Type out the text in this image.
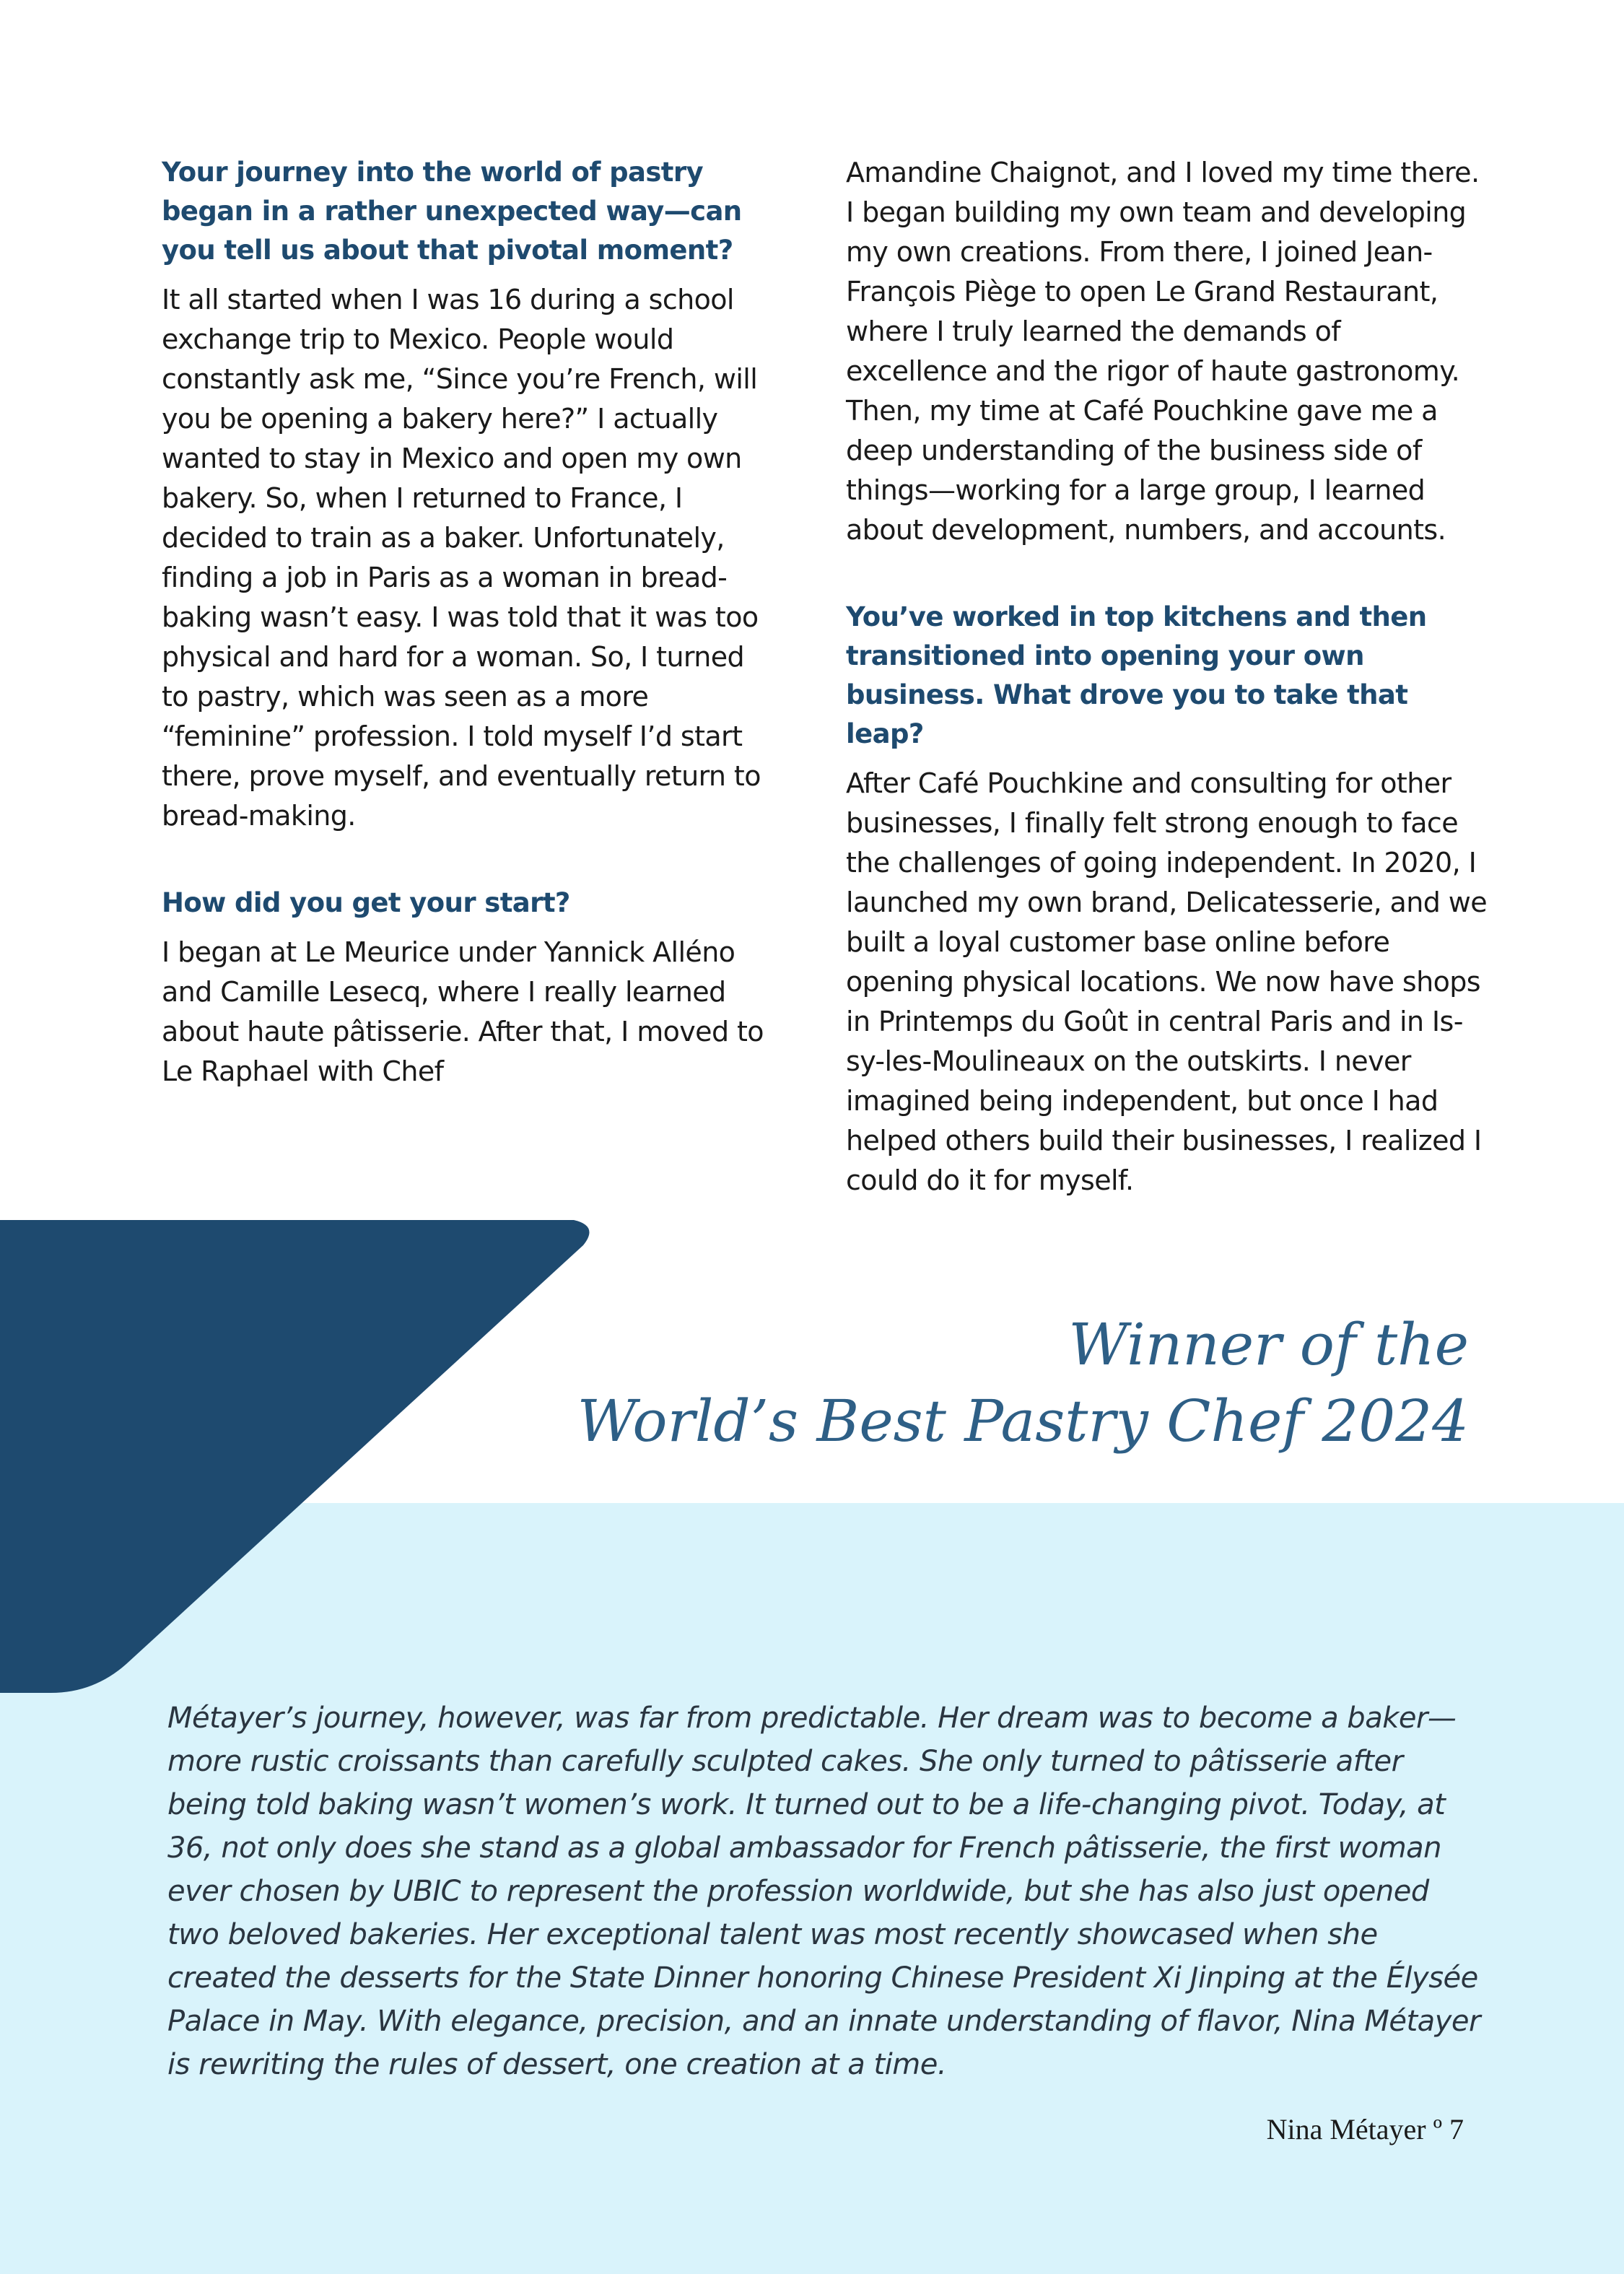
Your journey into the world of pastry began in a rather unexpected way—can you tell us about that pivotal moment?

It all started when I was 16 during a school exchange trip to Mexico. People would constantly ask me, “Since you’re French, will you be opening a bakery here?” I actually wanted to stay in Mexico and open my own bakery. So, when I returned to France, I decided to train as a baker. Unfortunately, finding a job in Paris as a woman in bread-baking wasn’t easy. I was told that it was too physical and hard for a woman. So, I turned to pastry, which was seen as a more “feminine” profession. I told myself I’d start there, prove myself, and eventually return to bread-making.

How did you get your start?

I began at Le Meurice under Yannick Alléno and Camille Lesecq, where I really learned about haute pâtisserie. After that, I moved to Le Raphael with Chef

Amandine Chaignot, and I loved my time there. I began building my own team and developing my own creations. From there, I joined Jean-François Piège to open Le Grand Restaurant, where I truly learned the demands of excellence and the rigor of haute gastronomy. Then, my time at Café Pouchkine gave me a deep understanding of the business side of things—working for a large group, I learned about development, numbers, and accounts.

You’ve worked in top kitchens and then transitioned into opening your own business. What drove you to take that leap?

After Café Pouchkine and consulting for other businesses, I finally felt strong enough to face the challenges of going independent. In 2020, I launched my own brand, Delicatesserie, and we built a loyal customer base online before opening physical locations. We now have shops in Printemps du Goût in central Paris and in Is-sy-les-Moulineaux on the outskirts. I never imagined being independent, but once I had helped others build their businesses, I realized I could do it for myself.

Winner of the
World’s Best Pastry Chef 2024

Métayer’s journey, however, was far from predictable. Her dream was to become a baker—more rustic croissants than carefully sculpted cakes. She only turned to pâtisserie after being told baking wasn’t women’s work. It turned out to be a life-changing pivot. Today, at 36, not only does she stand as a global ambassador for French pâtisserie, the first woman ever chosen by UBIC to represent the profession worldwide, but she has also just opened two beloved bakeries. Her exceptional talent was most recently showcased when she created the desserts for the State Dinner honoring Chinese President Xi Jinping at the Élysée Palace in May. With elegance, precision, and an innate understanding of flavor, Nina Métayer is rewriting the rules of dessert, one creation at a time.

Nina Métayer º 7
